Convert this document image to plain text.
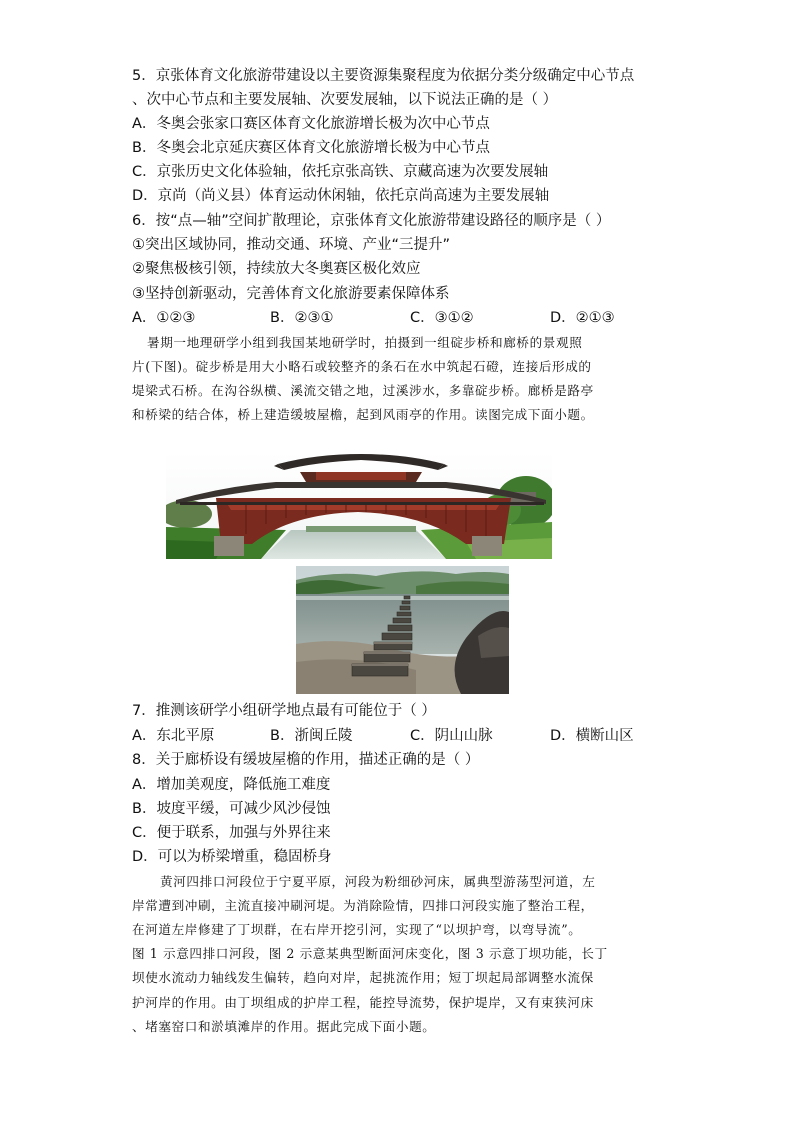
5．京张体育文化旅游带建设以主要资源集聚程度为依据分类分级确定中心节点
、次中心节点和主要发展轴、次要发展轴，以下说法正确的是（ ）
A．冬奥会张家口赛区体育文化旅游增长极为次中心节点
B．冬奥会北京延庆赛区体育文化旅游增长极为中心节点
C．京张历史文化体验轴，依托京张高铁、京藏高速为次要发展轴
D．京尚（尚义县）体育运动休闲轴，依托京尚高速为主要发展轴
6．按“点—轴”空间扩散理论，京张体育文化旅游带建设路径的顺序是（ ）
①突出区域协同，推动交通、环境、产业“三提升”
②聚焦极核引领，持续放大冬奥赛区极化效应
③坚持创新驱动，完善体育文化旅游要素保障体系
A．①②③	B．②③①	C．③①②	D．②①③
暑期一地理研学小组到我国某地研学时，拍摄到一组碇步桥和廊桥的景观照
片(下图)。碇步桥是用大小略石或较整齐的条石在水中筑起石磴，连接后形成的
堤梁式石桥。在沟谷纵横、溪流交错之地，过溪涉水，多靠碇步桥。廊桥是路亭
和桥梁的结合体，桥上建造缓坡屋檐，起到风雨亭的作用。读图完成下面小题。
7．推测该研学小组研学地点最有可能位于（ ）
A．东北平原	B．浙闽丘陵	C．阴山山脉	D．横断山区
8．关于廊桥设有缓坡屋檐的作用，描述正确的是（ ）
A．增加美观度，降低施工难度
B．坡度平缓，可减少风沙侵蚀
C．便于联系，加强与外界往来
D．可以为桥梁增重，稳固桥身
黄河四排口河段位于宁夏平原，河段为粉细砂河床，属典型游荡型河道，左
岸常遭到冲刷，主流直接冲刷河堤。为消除险情，四排口河段实施了整治工程，
在河道左岸修建了丁坝群，在右岸开挖引河，实现了“以坝护弯，以弯导流”。
图 1 示意四排口河段，图 2 示意某典型断面河床变化，图 3 示意丁坝功能，长丁
坝使水流动力轴线发生偏转，趋向对岸，起挑流作用；短丁坝起局部调整水流保
护河岸的作用。由丁坝组成的护岸工程，能控导流势，保护堤岸，又有束狭河床
、堵塞窑口和淤填滩岸的作用。据此完成下面小题。
